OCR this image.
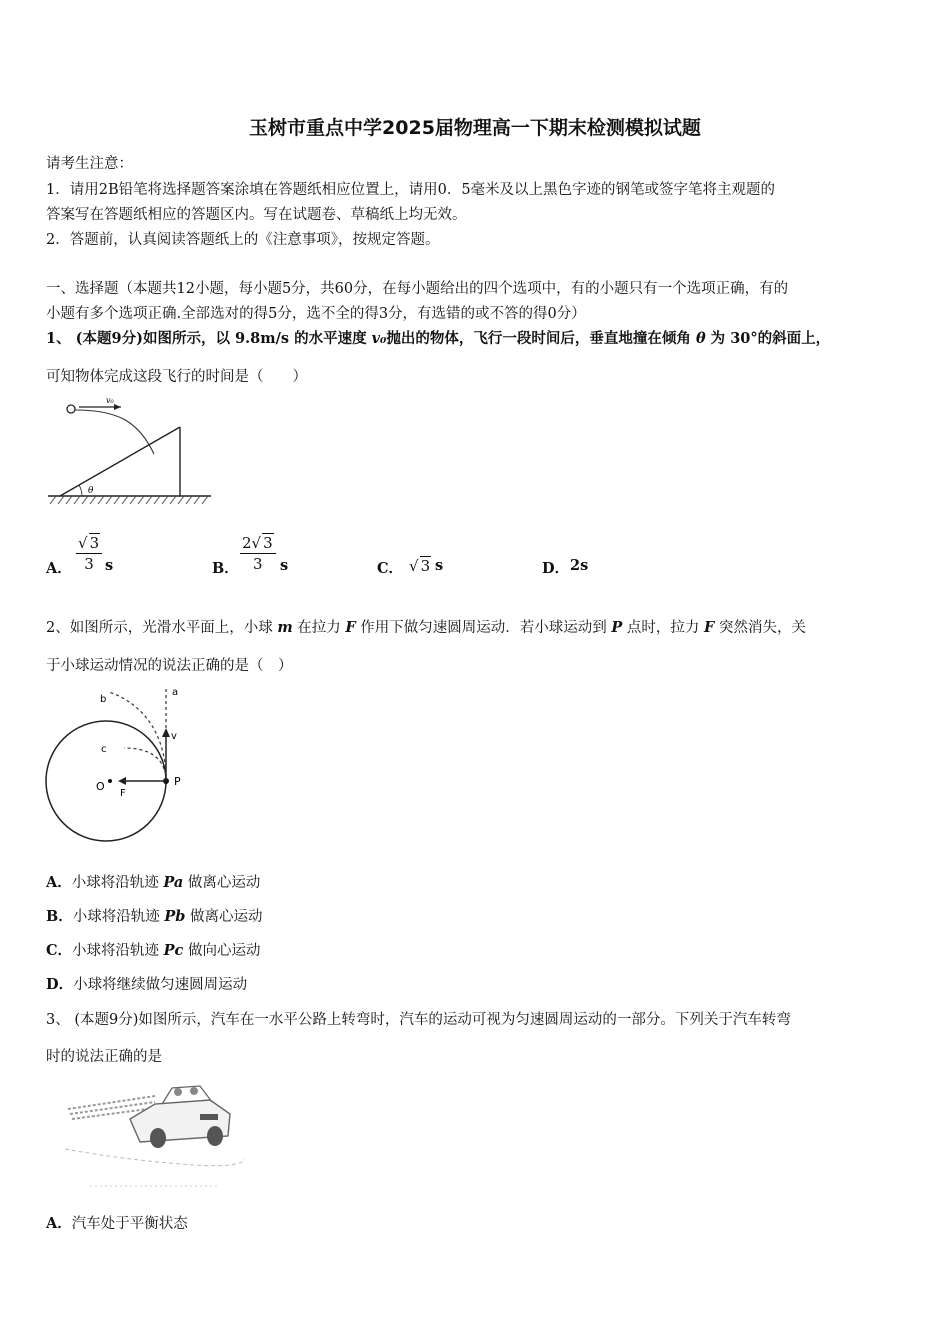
玉树市重点中学2025届物理高一下期末检测模拟试题
请考生注意：
1．请用2B铅笔将选择题答案涂填在答题纸相应位置上，请用0．5毫米及以上黑色字迹的钢笔或签字笔将主观题的
答案写在答题纸相应的答题区内。写在试题卷、草稿纸上均无效。
2．答题前，认真阅读答题纸上的《注意事项》，按规定答题。
一、选择题（本题共12小题，每小题5分，共60分，在每小题给出的四个选项中，有的小题只有一个选项正确，有的
小题有多个选项正确.全部选对的得5分，选不全的得3分，有选错的或不答的得0分）
1、 (本题9分)如图所示，以 9.8m/s 的水平速度 v₀抛出的物体，飞行一段时间后，垂直地撞在倾角 θ 为 30°的斜面上，
可知物体完成这段飞行的时间是（　　）
θ
v₀
A． $\frac{√ 3}{3}$ s	B． $\frac{2√ 3}{3}$ s	C． √ 3 s	D． 2s
2、如图所示，光滑水平面上，小球 m 在拉力 F 作用下做匀速圆周运动．若小球运动到 P 点时，拉力 F 突然消失，关
于小球运动情况的说法正确的是（　）
a
b
c
v
O
F
P
A．小球将沿轨迹 Pa 做离心运动
B．小球将沿轨迹 Pb 做离心运动
C．小球将沿轨迹 Pc 做向心运动
D．小球将继续做匀速圆周运动
3、 (本题9分)如图所示，汽车在一水平公路上转弯时，汽车的运动可视为匀速圆周运动的一部分。下列关于汽车转弯
时的说法正确的是
A．汽车处于平衡状态
